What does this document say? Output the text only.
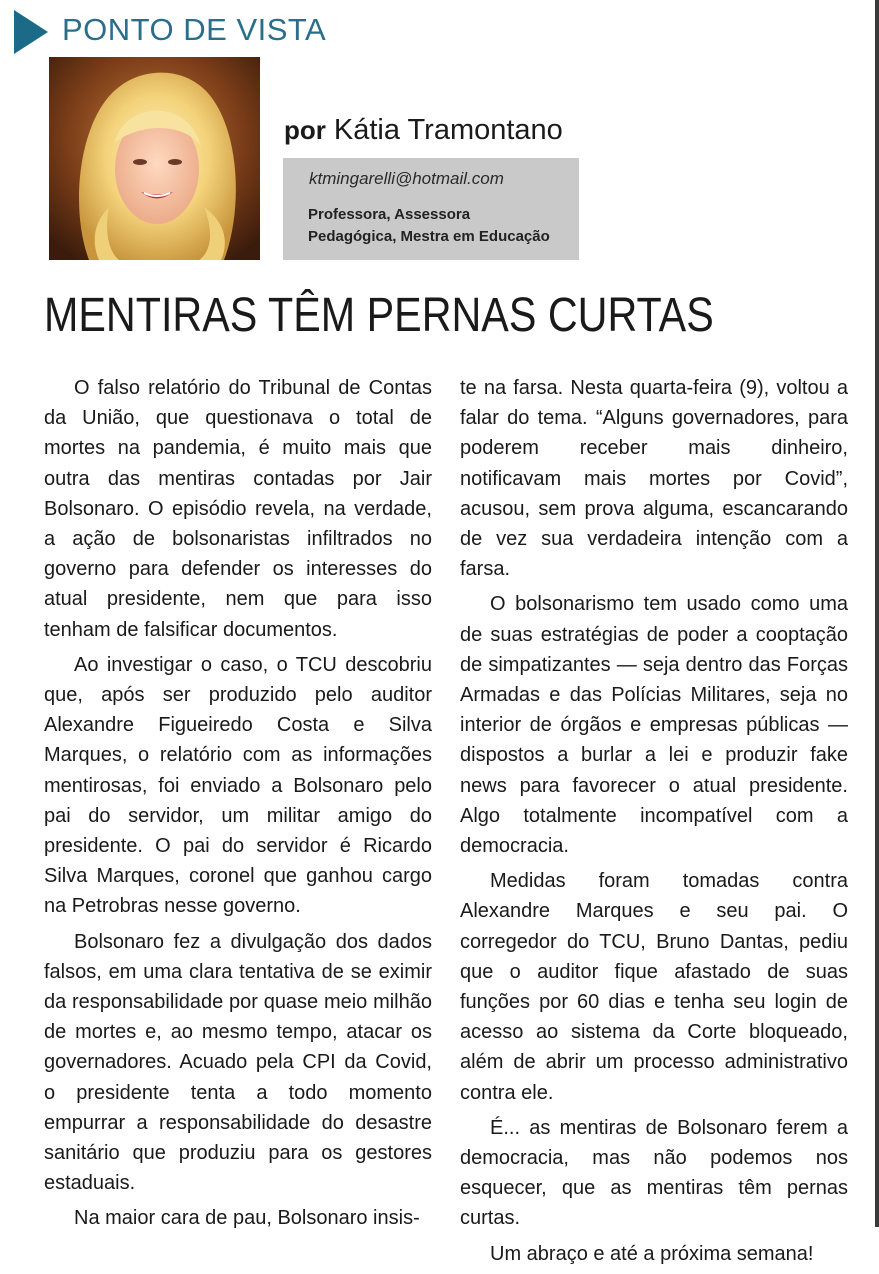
PONTO DE VISTA
por Kátia Tramontano
ktmingarelli@hotmail.com
Professora, Assessora
Pedagógica, Mestra em Educação
MENTIRAS TÊM PERNAS CURTAS

O falso relatório do Tribunal de Contas da União, que questionava o total de mortes na pandemia, é muito mais que outra das mentiras contadas por Jair Bolsonaro. O episódio revela, na verdade, a ação de bolsonaristas infiltrados no governo para defender os interesses do atual presidente, nem que para isso tenham de falsificar documentos.

Ao investigar o caso, o TCU descobriu que, após ser produzido pelo auditor Alexandre Figueiredo Costa e Silva Marques, o relatório com as informações mentirosas, foi enviado a Bolsonaro pelo pai do servidor, um militar amigo do presidente. O pai do servidor é Ricardo Silva Marques, coronel que ganhou cargo na Petrobras nesse governo.

Bolsonaro fez a divulgação dos dados falsos, em uma clara tentativa de se eximir da responsabilidade por quase meio milhão de mortes e, ao mesmo tempo, atacar os governadores. Acuado pela CPI da Covid, o presidente tenta a todo momento empurrar a responsabilidade do desastre sanitário que produziu para os gestores estaduais.

Na maior cara de pau, Bolsonaro insis-

te na farsa. Nesta quarta-feira (9), voltou a falar do tema. “Alguns governadores, para poderem receber mais dinheiro, notificavam mais mortes por Covid”, acusou, sem prova alguma, escancarando de vez sua verdadeira intenção com a farsa.

O bolsonarismo tem usado como uma de suas estratégias de poder a cooptação de simpatizantes — seja dentro das Forças Armadas e das Polícias Militares, seja no interior de órgãos e empresas públicas — dispostos a burlar a lei e produzir fake news para favorecer o atual presidente. Algo totalmente incompatível com a democracia.

Medidas foram tomadas contra Alexandre Marques e seu pai. O corregedor do TCU, Bruno Dantas, pediu que o auditor fique afastado de suas funções por 60 dias e tenha seu login de acesso ao sistema da Corte bloqueado, além de abrir um processo administrativo contra ele.

É... as mentiras de Bolsonaro ferem a democracia, mas não podemos nos esquecer, que as mentiras têm pernas curtas.

Um abraço e até a próxima semana!
